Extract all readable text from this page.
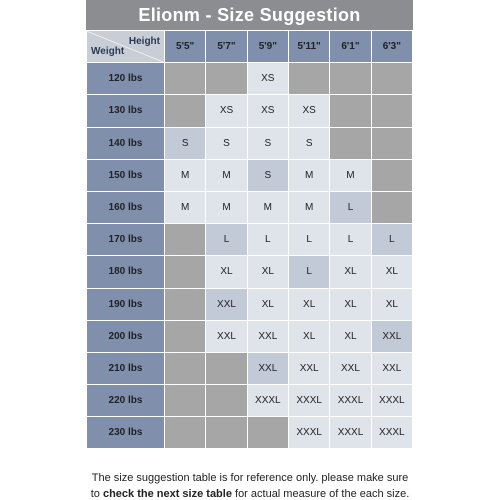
Elionm - Size Suggestion
Height
Weight	5'5"	5'7"	5'9"	5'11"	6'1"	6'3"
120 lbs			XS			
130 lbs		XS	XS	XS		
140 lbs	S	S	S	S		
150 lbs	M	M	S	M	M	
160 lbs	M	M	M	M	L	
170 lbs		L	L	L	L	L
180 lbs		XL	XL	L	XL	XL
190 lbs		XXL	XL	XL	XL	XL
200 lbs		XXL	XXL	XL	XL	XXL
210 lbs			XXL	XXL	XXL	XXL
220 lbs			XXXL	XXXL	XXXL	XXXL
230 lbs				XXXL	XXXL	XXXL
The size suggestion table is for reference only. please make sure
to check the next size table for actual measure of the each size.
